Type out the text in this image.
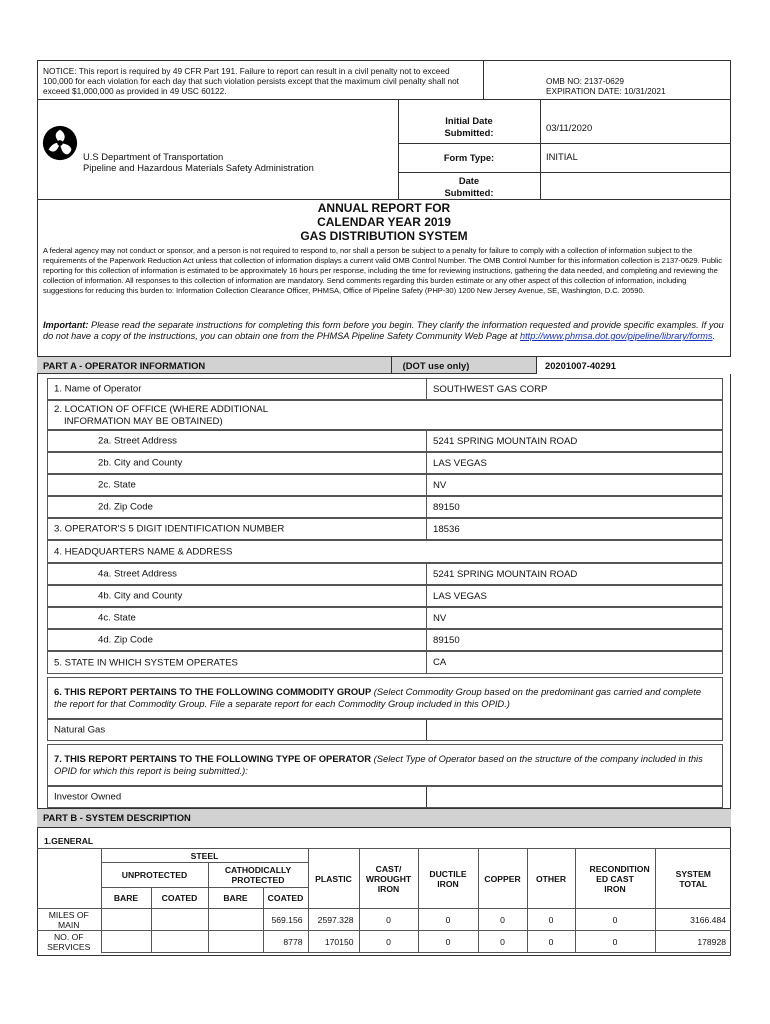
NOTICE: This report is required by 49 CFR Part 191. Failure to report can result in a civil penalty not to exceed 100,000 for each violation for each day that such violation persists except that the maximum civil penalty shall not exceed $1,000,000 as provided in 49 USC 60122.
OMB NO: 2137-0629
EXPIRATION DATE: 10/31/2021
U.S Department of Transportation
Pipeline and Hazardous Materials Safety Administration
Initial Date
Submitted:	03/11/2020
Form Type:	INITIAL
Date
Submitted:
ANNUAL REPORT FOR
CALENDAR YEAR 2019
GAS DISTRIBUTION SYSTEM
A federal agency may not conduct or sponsor, and a person is not required to respond to, nor shall a person be subject to a penalty for failure to comply with a collection of information subject to the requirements of the Paperwork Reduction Act unless that collection of information displays a current valid OMB Control Number. The OMB Control Number for this information collection is 2137-0629. Public reporting for this collection of information is estimated to be approximately 16 hours per response, including the time for reviewing instructions, gathering the data needed, and completing and reviewing the collection of information. All responses to this collection of information are mandatory. Send comments regarding this burden estimate or any other aspect of this collection of information, including suggestions for reducing this burden to: Information Collection Clearance Officer, PHMSA, Office of Pipeline Safety (PHP-30) 1200 New Jersey Avenue, SE, Washington, D.C. 20590.
Important: Please read the separate instructions for completing this form before you begin. They clarify the information requested and provide specific examples. If you do not have a copy of the instructions, you can obtain one from the PHMSA Pipeline Safety Community Web Page at http://www.phmsa.dot.gov/pipeline/library/forms.
PART A - OPERATOR INFORMATION	(DOT use only)	20201007-40291
1. Name of Operator	SOUTHWEST GAS CORP
2. LOCATION OF OFFICE (WHERE ADDITIONAL
INFORMATION MAY BE OBTAINED)
2a. Street Address	5241 SPRING MOUNTAIN ROAD
2b. City and County	LAS VEGAS
2c. State	NV
2d. Zip Code	89150
3. OPERATOR'S 5 DIGIT IDENTIFICATION NUMBER	18536
4. HEADQUARTERS NAME & ADDRESS
4a. Street Address	5241 SPRING MOUNTAIN ROAD
4b. City and County	LAS VEGAS
4c. State	NV
4d. Zip Code	89150
5. STATE IN WHICH SYSTEM OPERATES	CA
6. THIS REPORT PERTAINS TO THE FOLLOWING COMMODITY GROUP (Select Commodity Group based on the predominant gas carried and complete the report for that Commodity Group. File a separate report for each Commodity Group included in this OPID.)
Natural Gas
7. THIS REPORT PERTAINS TO THE FOLLOWING TYPE OF OPERATOR (Select Type of Operator based on the structure of the company included in this OPID for which this report is being submitted.):
Investor Owned
PART B - SYSTEM DESCRIPTION
1.GENERAL
	STEEL				PLASTIC	CAST/ WROUGHT IRON	DUCTILE IRON	COPPER	OTHER	RECONDITION ED CAST IRON	SYSTEM TOTAL
	UNPROTECTED		CATHODICALLY PROTECTED								
	BARE	COATED	BARE	COATED							
MILES OF MAIN				569.156	2597.328	0	0	0	0	0	3166.484
NO. OF SERVICES				8778	170150	0	0	0	0	0	178928
